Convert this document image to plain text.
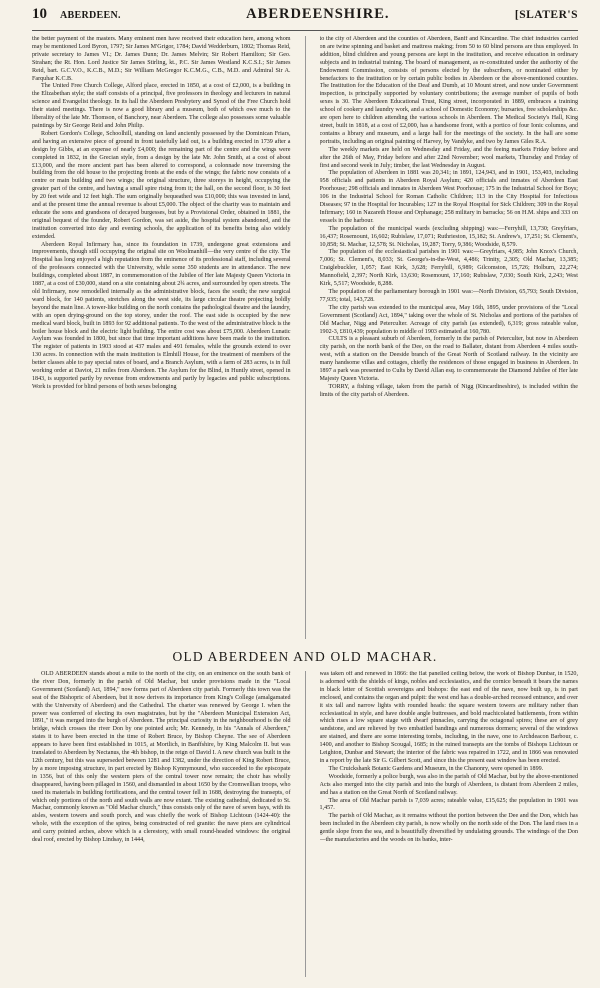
10	ABERDEEN.	ABERDEENSHIRE.	[SLATER'S

the better payment of the masters. Many eminent men have received their education here, among whom may be mentioned Lord Byron, 1797; Sir James M'Grigor, 1784; David Wedderburn, 1802; Thomas Reid, private secretary to James VI.; Dr. James Dunn; Dr. James Melvin; Sir Robert Hamilton; Sir Geo. Strahan; the Rt. Hon. Lord Justice Sir James Stirling, kt., P.C. Sir James Westland K.C.S.I.; Sir James Reid, bart. G.C.V.O., K.C.B., M.D.; Sir William McGregor K.C.M.G., C.B., M.D. and Admiral Sir A. Farquhar K.C.B.

The United Free Church College, Alford place, erected in 1850, at a cost of £2,000, is a building in the Elizabethan style; the staff consists of a principal, five professors in theology and lecturers in natural science and Evangelist theology. In its hall the Aberdeen Presbytery and Synod of the Free Church hold their stated meetings. There is now a good library and a museum, both of which owe much to the liberality of the late Mr. Thomson, of Banchory, near Aberdeen. The college also possesses some valuable paintings by Sir George Reid and John Philip.

Robert Gordon's College, Schoolhill, standing on land anciently possessed by the Dominican Friars, and having an extensive piece of ground in front tastefully laid out, is a building erected in 1739 after a design by Gibbs, at an expense of nearly £4,000; the remaining part of the centre and the wings were completed in 1832, in the Grecian style, from a design by the late Mr. John Smith, at a cost of about £13,000, and the more ancient part has been altered to correspond, a colonnade now traversing the building from the old house to the projecting fronts at the ends of the wings; the fabric now consists of a centre or main building and two wings; the original structure, three storeys in height, occupying the greater part of the centre, and having a small spire rising from it; the hall, on the second floor, is 30 feet by 20 feet wide and 12 feet high. The sum originally bequeathed was £10,000; this was invested in land, and at the present time the annual revenue is about £5,000. The object of the charity was to maintain and educate the sons and grandsons of decayed burgesses, but by a Provisional Order, obtained in 1881, the original bequest of the founder, Robert Gordon, was set aside, the hospital system abandoned, and the institution converted into day and evening schools, the application of its benefits being also widely extended.

Aberdeen Royal Infirmary has, since its foundation in 1739, undergone great extensions and improvements, though still occupying the original site on Woolmanhill—the very centre of the city. The Hospital has long enjoyed a high reputation from the eminence of its professional staff, including several of the professors connected with the University, while some 350 students are in attendance. The new buildings, completed about 1887, in commemoration of the Jubilee of Her late Majesty Queen Victoria in 1887, at a cost of £30,000, stand on a site containing about 2¾ acres, and surrounded by open streets. The old Infirmary, now remodelled internally as the administrative block, faces the south; the new surgical ward block, for 140 patients, stretches along the west side, its large circular theatre projecting boldly beyond the main line. A tower-like building on the north contains the pathological theatre and the laundry, with an open drying-ground on the top storey, under the roof. The east side is occupied by the new medical ward block, built in 1893 for 92 additional patients. To the west of the administrative block is the boiler house block and the electric light building. The entire cost was about £75,000. Aberdeen Lunatic Asylum was founded in 1800, but since that time important additions have been made to the institution. The register of patients in 1903 stood at 437 males and 491 females, while the grounds extend to over 130 acres. In connection with the main institution is Elmhill House, for the treatment of members of the better classes able to pay special rates of board, and a Branch Asylum, with a farm of 283 acres, is in full working order at Daviot, 21 miles from Aberdeen. The Asylum for the Blind, in Huntly street, opened in 1843, is supported partly by revenue from endowments and partly by legacies and public subscriptions. Work is provided for blind persons of both sexes belonging

to the city of Aberdeen and the counties of Aberdeen, Banff and Kincardine. The chief industries carried on are twine spinning and basket and mattress making; from 50 to 60 blind persons are thus employed. In addition, blind children and young persons are kept in the institution, and receive education in ordinary subjects and in industrial training. The board of management, as re-constituted under the authority of the Endowment Commission, consists of persons elected by the subscribers, or nominated either by benefactors to the institution or by certain public bodies in Aberdeen or the above-mentioned counties. The Institution for the Education of the Deaf and Dumb, at 10 Mount street, and now under Government inspection, is principally supported by voluntary contributions; the average number of pupils of both sexes is 30. The Aberdeen Educational Trust, King street, incorporated in 1889, embraces a training school of cookery and laundry work, and a school of Domestic Economy; bursaries, free scholarships &c. are open here to children attending the various schools in Aberdeen. The Medical Society's Hall, King street, built in 1818, at a cost of £2,000, has a handsome front, with a portico of four Ionic columns, and contains a library and museum, and a large hall for the meetings of the society. In the hall are some portraits, including an original painting of Harvey, by Vandyke, and two by James Giles R.A.

The weekly markets are held on Wednesday and Friday, and the feeing markets Friday before and after the 26th of May, Friday before and after 22nd November; wool markets, Thursday and Friday of first and second week in July; timber, the last Wednesday in August.

The population of Aberdeen in 1881 was 20,341; in 1891, 124,943, and in 1901, 153,403, including 958 officials and patients in Aberdeen Royal Asylum; 420 officials and inmates of Aberdeen East Poorhouse; 298 officials and inmates in Aberdeen West Poorhouse; 175 in the Industrial School for Boys; 106 in the Industrial School for Roman Catholic Children; 113 in the City Hospital for Infectious Diseases; 97 in the Hospital for Incurables; 127 in the Royal Hospital for Sick Children; 309 in the Royal Infirmary; 160 in Nazareth House and Orphanage; 258 military in barracks; 56 on H.M. ships and 333 on vessels in the harbour.

The population of the municipal wards (excluding shipping) was:—Ferryhill, 13,730; Greyfriars, 16,437; Rosemount, 16,602; Rubislaw, 17,071; Ruthrieston, 15,182; St. Andrew's, 17,251; St. Clement's, 10,858; St. Machar, 12,578; St. Nicholas, 19,287; Torry, 9,386; Woodside, 8,579.

The population of the ecclesiastical parishes in 1901 was:—Greyfriars, 4,985; John Knox's Church, 7,006; St. Clement's, 8,033; St. George's-in-the-West, 4,486; Trinity, 2,305; Old Machar, 13,385; Craiglebuckler, 1,057; East Kirk, 3,628; Ferryhill, 6,989; Gilcomston, 15,726; Holburn, 22,274; Mannofield, 2,397; North Kirk, 13,630; Rosemount, 17,160; Rubislaw, 7,030; South Kirk, 2,243; West Kirk, 5,517; Woodside, 8,288.

The population of the parliamentary borough in 1901 was:—North Division, 65,793; South Division, 77,935; total, 143,728.

The city parish was extended to the municipal area, May 16th, 1895, under provisions of the "Local Government (Scotland) Act, 1894," taking over the whole of St. Nicholas and portions of the parishes of Old Machar, Nigg and Peterculter. Acreage of city parish (as extended), 6,319; gross rateable value, 1902-3, £810,439; population to middle of 1903 estimated at 160,780.

CULTS is a pleasant suburb of Aberdeen, formerly in the parish of Peterculter, but now in Aberdeen city parish, on the north bank of the Dee, on the road to Ballater, distant from Aberdeen 4 miles south-west, with a station on the Deeside branch of the Great North of Scotland railway. In the vicinity are many handsome villas and cottages, chiefly the residences of those engaged in business in Aberdeen. In 1897 a park was presented to Cults by David Allan esq. to commemorate the Diamond Jubilee of Her late Majesty Queen Victoria.

TORRY, a fishing village, taken from the parish of Nigg (Kincardineshire), is included within the limits of the city parish of Aberdeen.

OLD ABERDEEN AND OLD MACHAR.

OLD ABERDEEN stands about a mile to the north of the city, on an eminence on the south bank of the river Don, formerly in the parish of Old Machar, but under provisions made in the "Local Government (Scotland) Act, 1894," now forms part of Aberdeen city parish. Formerly this town was the seat of the Bishopric of Aberdeen, but it now derives its importance from King's College (amalgamated with the University of Aberdeen) and the Cathedral. The charter was renewed by George I. when the power was conferred of electing its own magistrates, but by the "Aberdeen Municipal Extension Act, 1891," it was merged into the burgh of Aberdeen. The principal curiosity in the neighbourhood is the old bridge, which crosses the river Don by one pointed arch; Mr. Kennedy, in his "Annals of Aberdeen," states it to have been erected in the time of Robert Bruce, by Bishop Cheyne. The see of Aberdeen appears to have been first established in 1015, at Mortlich, in Banffshire, by King Malcolm II. but was translated to Aberdeen by Nectanus, the 4th bishop, in the reign of David I. A new church was built in the 12th century, but this was superseded between 1281 and 1382, under the direction of King Robert Bruce, by a more imposing structure, in part erected by Bishop Kynnymound, who succeeded to the episcopate in 1356, but of this only the western piers of the central tower now remain; the choir has wholly disappeared, having been pillaged in 1560, and dismantled in about 1650 by the Cromwellian troops, who used its materials in building fortifications, and the central tower fell in 1688, destroying the transepts, of which only portions of the north and south walls are now extant. The existing cathedral, dedicated to St. Machar, commonly known as "Old Machar church," thus consists only of the nave of seven bays, with its aisles, western towers and south porch, and was chiefly the work of Bishop Lichtoun (1424-40): the whole, with the exception of the spires, being constructed of red granite: the nave piers are cylindrical and carry pointed arches, above which is a clerestory, with small round-headed windows: the original deal roof, erected by Bishop Lindsay, in 1444,

was taken off and renewed in 1866: the flat panelled ceiling below, the work of Bishop Dunbar, in 1520, is adorned with the shields of kings, nobles and ecclesiastics, and the cornice beneath it bears the names in black letter of Scottish sovereigns and bishops: the east end of the nave, now built up, is in part enclosed, and contains the organ and pulpit: the west end has a double-arched recessed entrance, and over it six tall and narrow lights with rounded heads: the square western towers are military rather than ecclesiastical in style, and have double angle buttresses, and bold machicolated battlements, from within which rises a low square stage with dwarf pinnacles, carrying the octagonal spires; these are of grey sandstone, and are relieved by two embattled bandings and numerous dormers; several of the windows are stained, and there are some interesting tombs, including, in the nave, one to Archdeacon Barbour, c. 1400, and another to Bishop Scougal, 1685; in the ruined transepts are the tombs of Bishops Lichtoun or Leighton, Dunbar and Stewart; the interior of the fabric was repaired in 1722, and in 1866 was renovated in a report by the late Sir G. Gilbert Scott, and since this the present east window has been erected.

The Cruickshank Botanic Gardens and Museum, in the Chanonry, were opened in 1899.

Woodside, formerly a police burgh, was also in the parish of Old Machar, but by the above-mentioned Acts also merged into the city parish and into the burgh of Aberdeen, is distant from Aberdeen 2 miles, and has a station on the Great North of Scotland railway.

The area of Old Machar parish is 7,039 acres; rateable value, £15,625; the population in 1901 was 1,457.

The parish of Old Machar, as it remains without the portion between the Dee and the Don, which has been included in the Aberdeen city parish, is now wholly on the north side of the Don. The land rises in a gentle slope from the sea, and is beautifully diversified by undulating grounds. The windings of the Don—the manufactories and the woods on its banks, inter-
